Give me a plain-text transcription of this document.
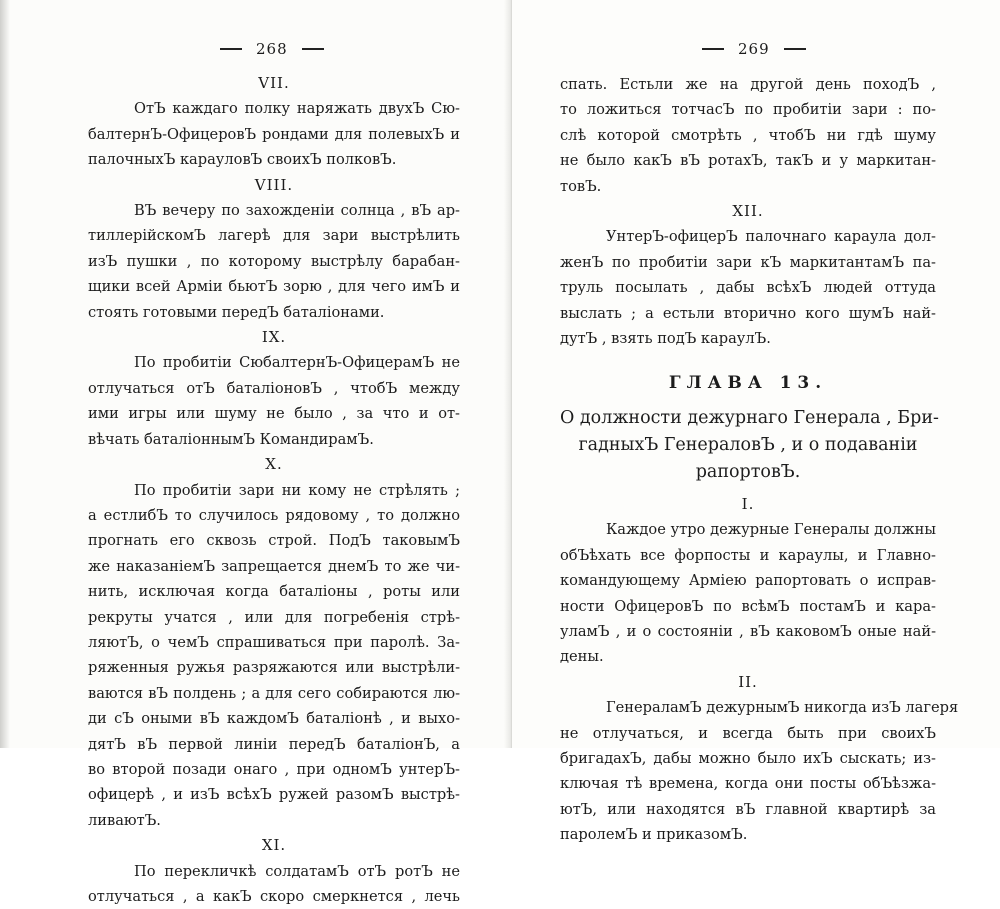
268
VII.
ОтЪ каждаго полку наряжать двухЪ Сю-
балтернЪ-ОфицеровЪ рондами для полевыхЪ и
палочныхЪ карауловЪ своихЪ полковЪ.
VIII.
ВЪ вечеру по захожденіи солнца , вЪ ар-
тиллерійскомЪ лагерѣ для зари выстрѣлить
изЪ пушки , по которому выстрѣлу барабан-
щики всей Арміи бьютЪ зорю , для чего имЪ и
стоять готовыми передЪ баталіонами.
IX.
По пробитіи СюбалтернЪ-ОфицерамЪ не
отлучаться отЪ баталіоновЪ , чтобЪ между
ими игры или шуму не было , за что и от-
вѣчать баталіоннымЪ КомандирамЪ.
X.
По пробитіи зари ни кому не стрѣлять ;
а естлибЪ то случилось рядовому , то должно
прогнать его сквозь строй. ПодЪ таковымЪ
же наказаніемЪ запрещается днемЪ то же чи-
нить, исключая когда баталіоны , роты или
рекруты учатся , или для погребенія стрѣ-
ляютЪ, о чемЪ спрашиваться при паролѣ. За-
ряженныя ружья разряжаются или выстрѣли-
ваются вЪ полдень ; а для сего собираются лю-
ди сЪ оными вЪ каждомЪ баталіонѣ , и выхо-
дятЪ вЪ первой линіи передЪ баталіонЪ, а
во второй позади онаго , при одномЪ унтерЪ-
офицерѣ , и изЪ всѣхЪ ружей разомЪ выстрѣ-
ливаютЪ.
XI.
По перекличкѣ солдатамЪ отЪ ротЪ не
отлучаться , а какЪ скоро смеркнется , лечь
269
спать. Естьли же на другой день походЪ ,
то ложиться тотчасЪ по пробитіи зари : по-
слѣ которой смотрѣть , чтобЪ ни гдѣ шуму
не было какЪ вЪ ротахЪ, такЪ и у маркитан-
товЪ.
XII.
УнтерЪ-офицерЪ палочнаго караула дол-
женЪ по пробитіи зари кЪ маркитантамЪ па-
труль посылать , дабы всѣхЪ людей оттуда
выслать ; а естьли вторично кого шумЪ най-
дутЪ , взять подЪ караулЪ.
ГЛАВА 13.
О должности дежурнаго Генерала , Бри-
гадныхЪ ГенераловЪ , и о подаваніи
рапортовЪ.
I.
Каждое утро дежурные Генералы должны
обЪѣхать все форпосты и караулы, и Главно-
командующему Арміею рапортовать о исправ-
ности ОфицеровЪ по всѣмЪ постамЪ и кара-
уламЪ , и о состояніи , вЪ каковомЪ оные най-
дены.
II.
ГенераламЪ дежурнымЪ никогда изЪ лагеря
не отлучаться, и всегда быть при своихЪ
бригадахЪ, дабы можно было ихЪ сыскать; из-
ключая тѣ времена, когда они посты обЪѣзжа-
ютЪ, или находятся вЪ главной квартирѣ за
паролемЪ и приказомЪ.
